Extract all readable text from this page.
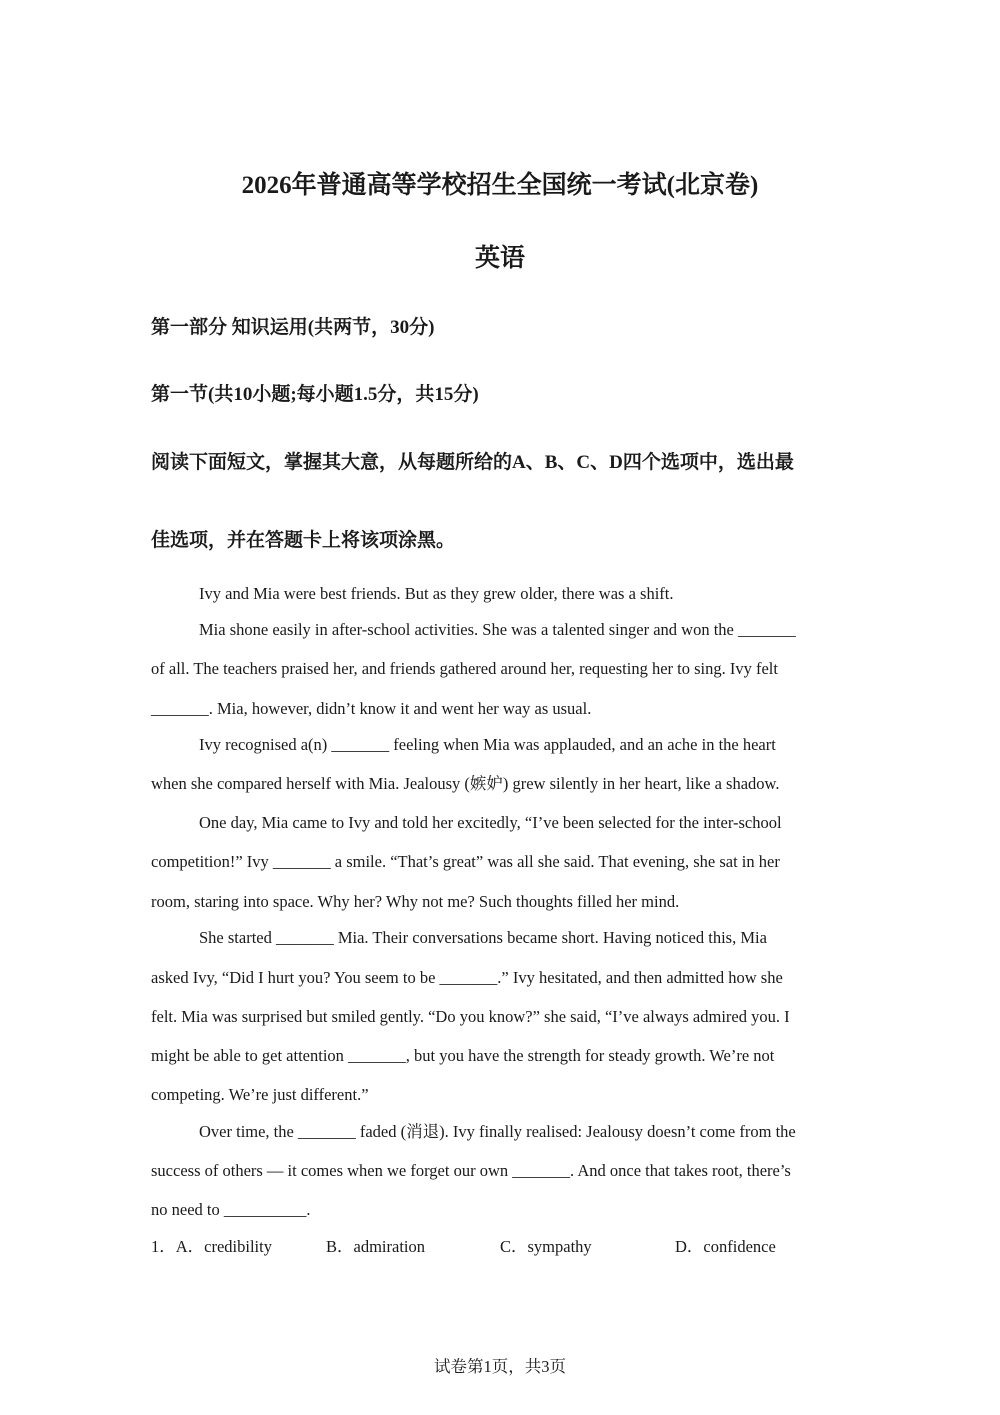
2026年普通高等学校招生全国统一考试(北京卷)
英语
第一部分 知识运用(共两节，30分)
第一节(共10小题;每小题1.5分，共15分)
阅读下面短文，掌握其大意，从每题所给的A、B、C、D四个选项中，选出最
佳选项，并在答题卡上将该项涂黑。
Ivy and Mia were best friends. But as they grew older, there was a shift.
Mia shone easily in after-school activities. She was a talented singer and won the _______
of all. The teachers praised her, and friends gathered around her, requesting her to sing. Ivy felt
_______. Mia, however, didn’t know it and went her way as usual.
Ivy recognised a(n) _______ feeling when Mia was applauded, and an ache in the heart
when she compared herself with Mia. Jealousy (嫉妒) grew silently in her heart, like a shadow.
One day, Mia came to Ivy and told her excitedly, “I’ve been selected for the inter-school
competition!” Ivy _______ a smile. “That’s great” was all she said. That evening, she sat in her
room, staring into space. Why her? Why not me? Such thoughts filled her mind.
She started _______ Mia. Their conversations became short. Having noticed this, Mia
asked Ivy, “Did I hurt you? You seem to be _______.” Ivy hesitated, and then admitted how she
felt. Mia was surprised but smiled gently. “Do you know?” she said, “I’ve always admired you. I
might be able to get attention _______, but you have the strength for steady growth. We’re not
competing. We’re just different.”
Over time, the _______ faded (消退). Ivy finally realised: Jealousy doesn’t come from the
success of others — it comes when we forget our own _______. And once that takes root, there’s
no need to __________.
1．A．credibility	B．admiration	C．sympathy	D．confidence
试卷第1页，共3页
